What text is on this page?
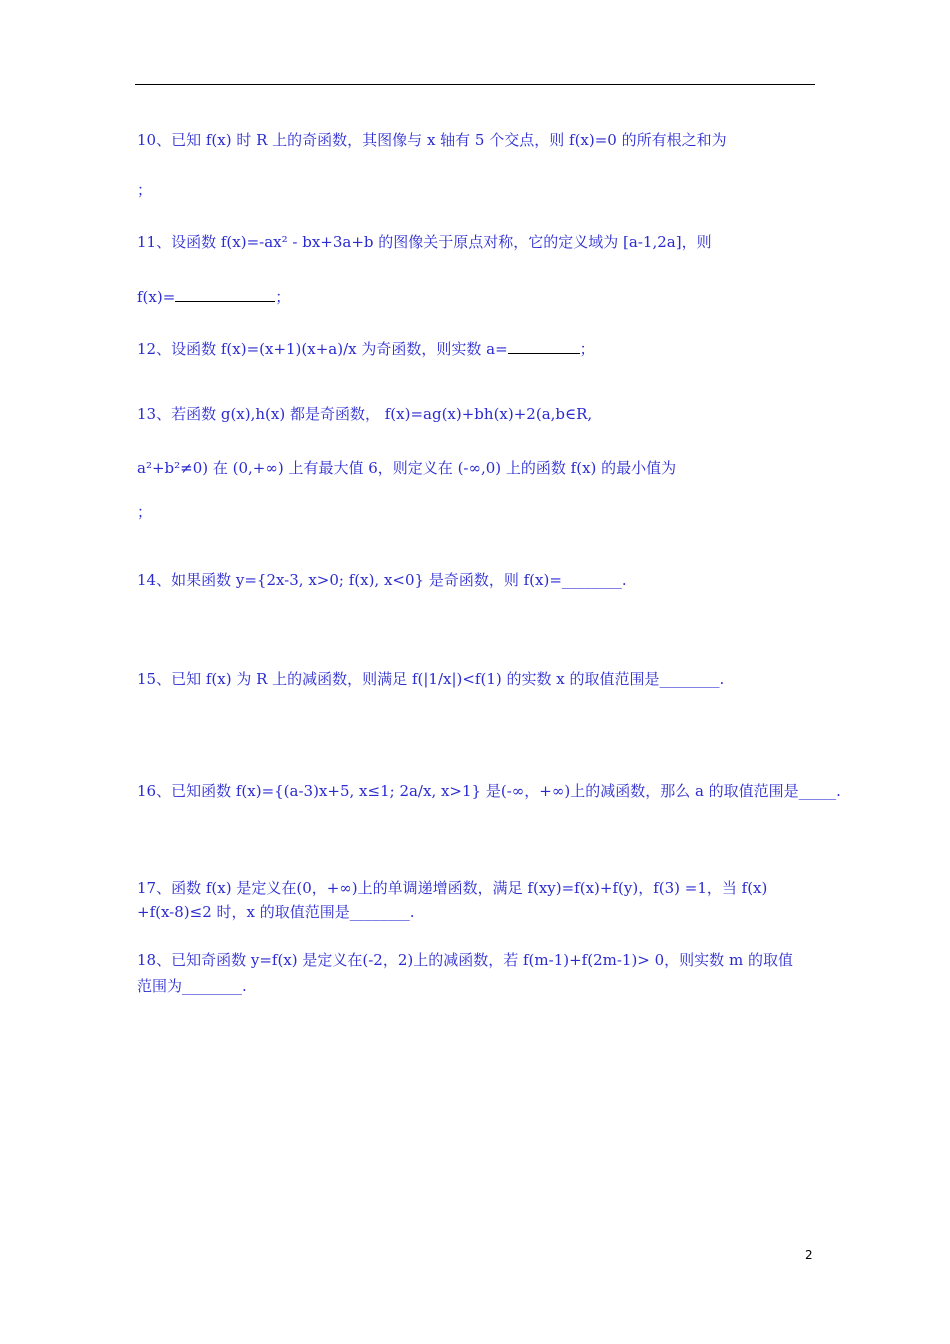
10、已知 f(x) 时 R 上的奇函数，其图像与 x 轴有 5 个交点，则 f(x)=0 的所有根之和为
；
11、设函数 f(x)=-ax² - bx+3a+b 的图像关于原点对称，它的定义域为 [a-1,2a]，则
f(x)=	；
12、设函数 f(x)=(x+1)(x+a)/x 为奇函数，则实数 a=	；
13、若函数 g(x),h(x) 都是奇函数， f(x)=ag(x)+bh(x)+2(a,b∈R,
a²+b²≠0) 在 (0,+∞) 上有最大值 6，则定义在 (-∞,0) 上的函数 f(x) 的最小值为
；
14、如果函数 y={2x-3, x>0; f(x), x<0} 是奇函数，则 f(x)=________.
15、已知 f(x) 为 R 上的减函数，则满足 f(|1/x|)<f(1) 的实数 x 的取值范围是________.
16、已知函数 f(x)={(a-3)x+5, x≤1; 2a/x, x>1} 是(-∞，+∞)上的减函数，那么 a 的取值范围是_____.
17、函数 f(x) 是定义在(0，+∞)上的单调递增函数，满足 f(xy)=f(x)+f(y)，f(3) =1，当 f(x)
+f(x-8)≤2 时，x 的取值范围是________.
18、已知奇函数 y=f(x) 是定义在(-2，2)上的减函数，若 f(m-1)+f(2m-1)> 0，则实数 m 的取值
范围为________.
2
